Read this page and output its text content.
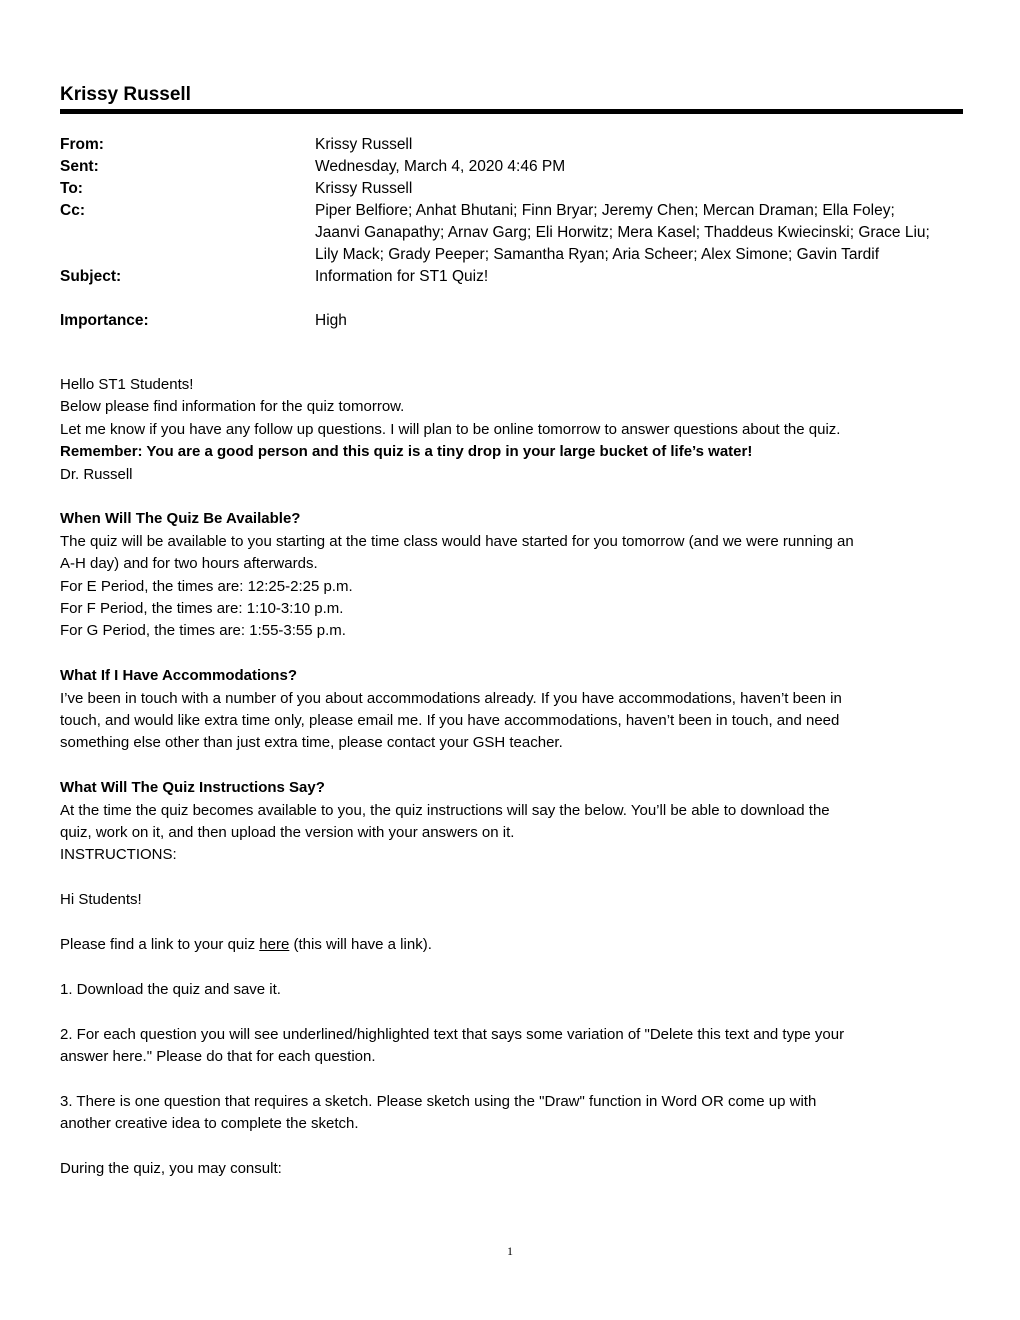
Krissy Russell
From:	Krissy Russell
Sent:	Wednesday, March 4, 2020 4:46 PM
To:	Krissy Russell
Cc:	Piper Belfiore; Anhat Bhutani; Finn Bryar; Jeremy Chen; Mercan Draman; Ella Foley;
Jaanvi Ganapathy; Arnav Garg; Eli Horwitz; Mera Kasel; Thaddeus Kwiecinski; Grace Liu;
Lily Mack; Grady Peeper; Samantha Ryan; Aria Scheer; Alex Simone; Gavin Tardif
Subject:	Information for ST1 Quiz!
Importance:	High

Hello ST1 Students!

Below please find information for the quiz tomorrow.

Let me know if you have any follow up questions. I will plan to be online tomorrow to answer questions about the quiz.

Remember: You are a good person and this quiz is a tiny drop in your large bucket of life’s water!

Dr. Russell

When Will The Quiz Be Available?

The quiz will be available to you starting at the time class would have started for you tomorrow (and we were running an

A-H day) and for two hours afterwards.

For E Period, the times are: 12:25-2:25 p.m.

For F Period, the times are: 1:10-3:10 p.m.

For G Period, the times are: 1:55-3:55 p.m.

What If I Have Accommodations?

I’ve been in touch with a number of you about accommodations already. If you have accommodations, haven’t been in

touch, and would like extra time only, please email me. If you have accommodations, haven’t been in touch, and need

something else other than just extra time, please contact your GSH teacher.

What Will The Quiz Instructions Say?

At the time the quiz becomes available to you, the quiz instructions will say the below. You’ll be able to download the

quiz, work on it, and then upload the version with your answers on it.

INSTRUCTIONS:

Hi Students!

Please find a link to your quiz here (this will have a link).

1. Download the quiz and save it.

2. For each question you will see underlined/highlighted text that says some variation of "Delete this text and type your

answer here." Please do that for each question.

3. There is one question that requires a sketch. Please sketch using the "Draw" function in Word OR come up with

another creative idea to complete the sketch.

During the quiz, you may consult:

1
